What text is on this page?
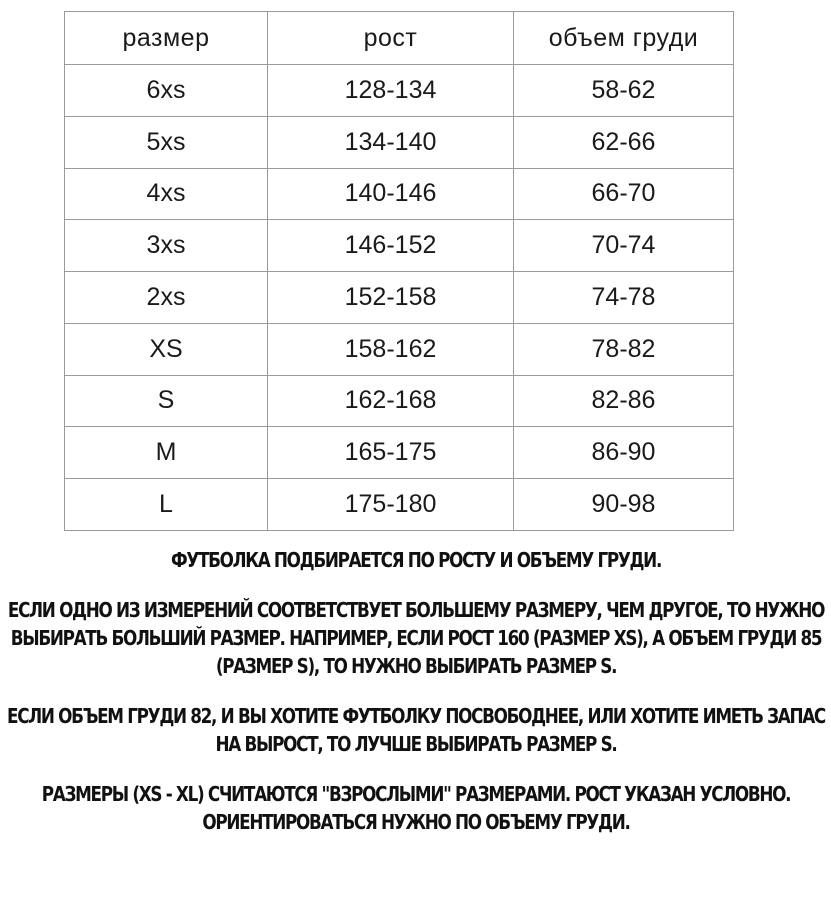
размер	рост	объем груди
6xs	128-134	58-62
5xs	134-140	62-66
4xs	140-146	66-70
3xs	146-152	70-74
2xs	152-158	74-78
XS	158-162	78-82
S	162-168	82-86
M	165-175	86-90
L	175-180	90-98

ФУТБОЛКА ПОДБИРАЕТСЯ ПО РОСТУ И ОБЪЕМУ ГРУДИ.

ЕСЛИ ОДНО ИЗ ИЗМЕРЕНИЙ СООТВЕТСТВУЕТ БОЛЬШЕМУ РАЗМЕРУ, ЧЕМ ДРУГОЕ, ТО НУЖНО ВЫБИРАТЬ БОЛЬШИЙ РАЗМЕР. НАПРИМЕР, ЕСЛИ РОСТ 160 (РАЗМЕР XS), А ОБЪЕМ ГРУДИ 85 (РАЗМЕР S), ТО НУЖНО ВЫБИРАТЬ РАЗМЕР S.

ЕСЛИ ОБЪЕМ ГРУДИ 82, И ВЫ ХОТИТЕ ФУТБОЛКУ ПОСВОБОДНЕЕ, ИЛИ ХОТИТЕ ИМЕТЬ ЗАПАС НА ВЫРОСТ, ТО ЛУЧШЕ ВЫБИРАТЬ РАЗМЕР S.

РАЗМЕРЫ (XS - XL) СЧИТАЮТСЯ "ВЗРОСЛЫМИ" РАЗМЕРАМИ. РОСТ УКАЗАН УСЛОВНО. ОРИЕНТИРОВАТЬСЯ НУЖНО ПО ОБЪЕМУ ГРУДИ.
